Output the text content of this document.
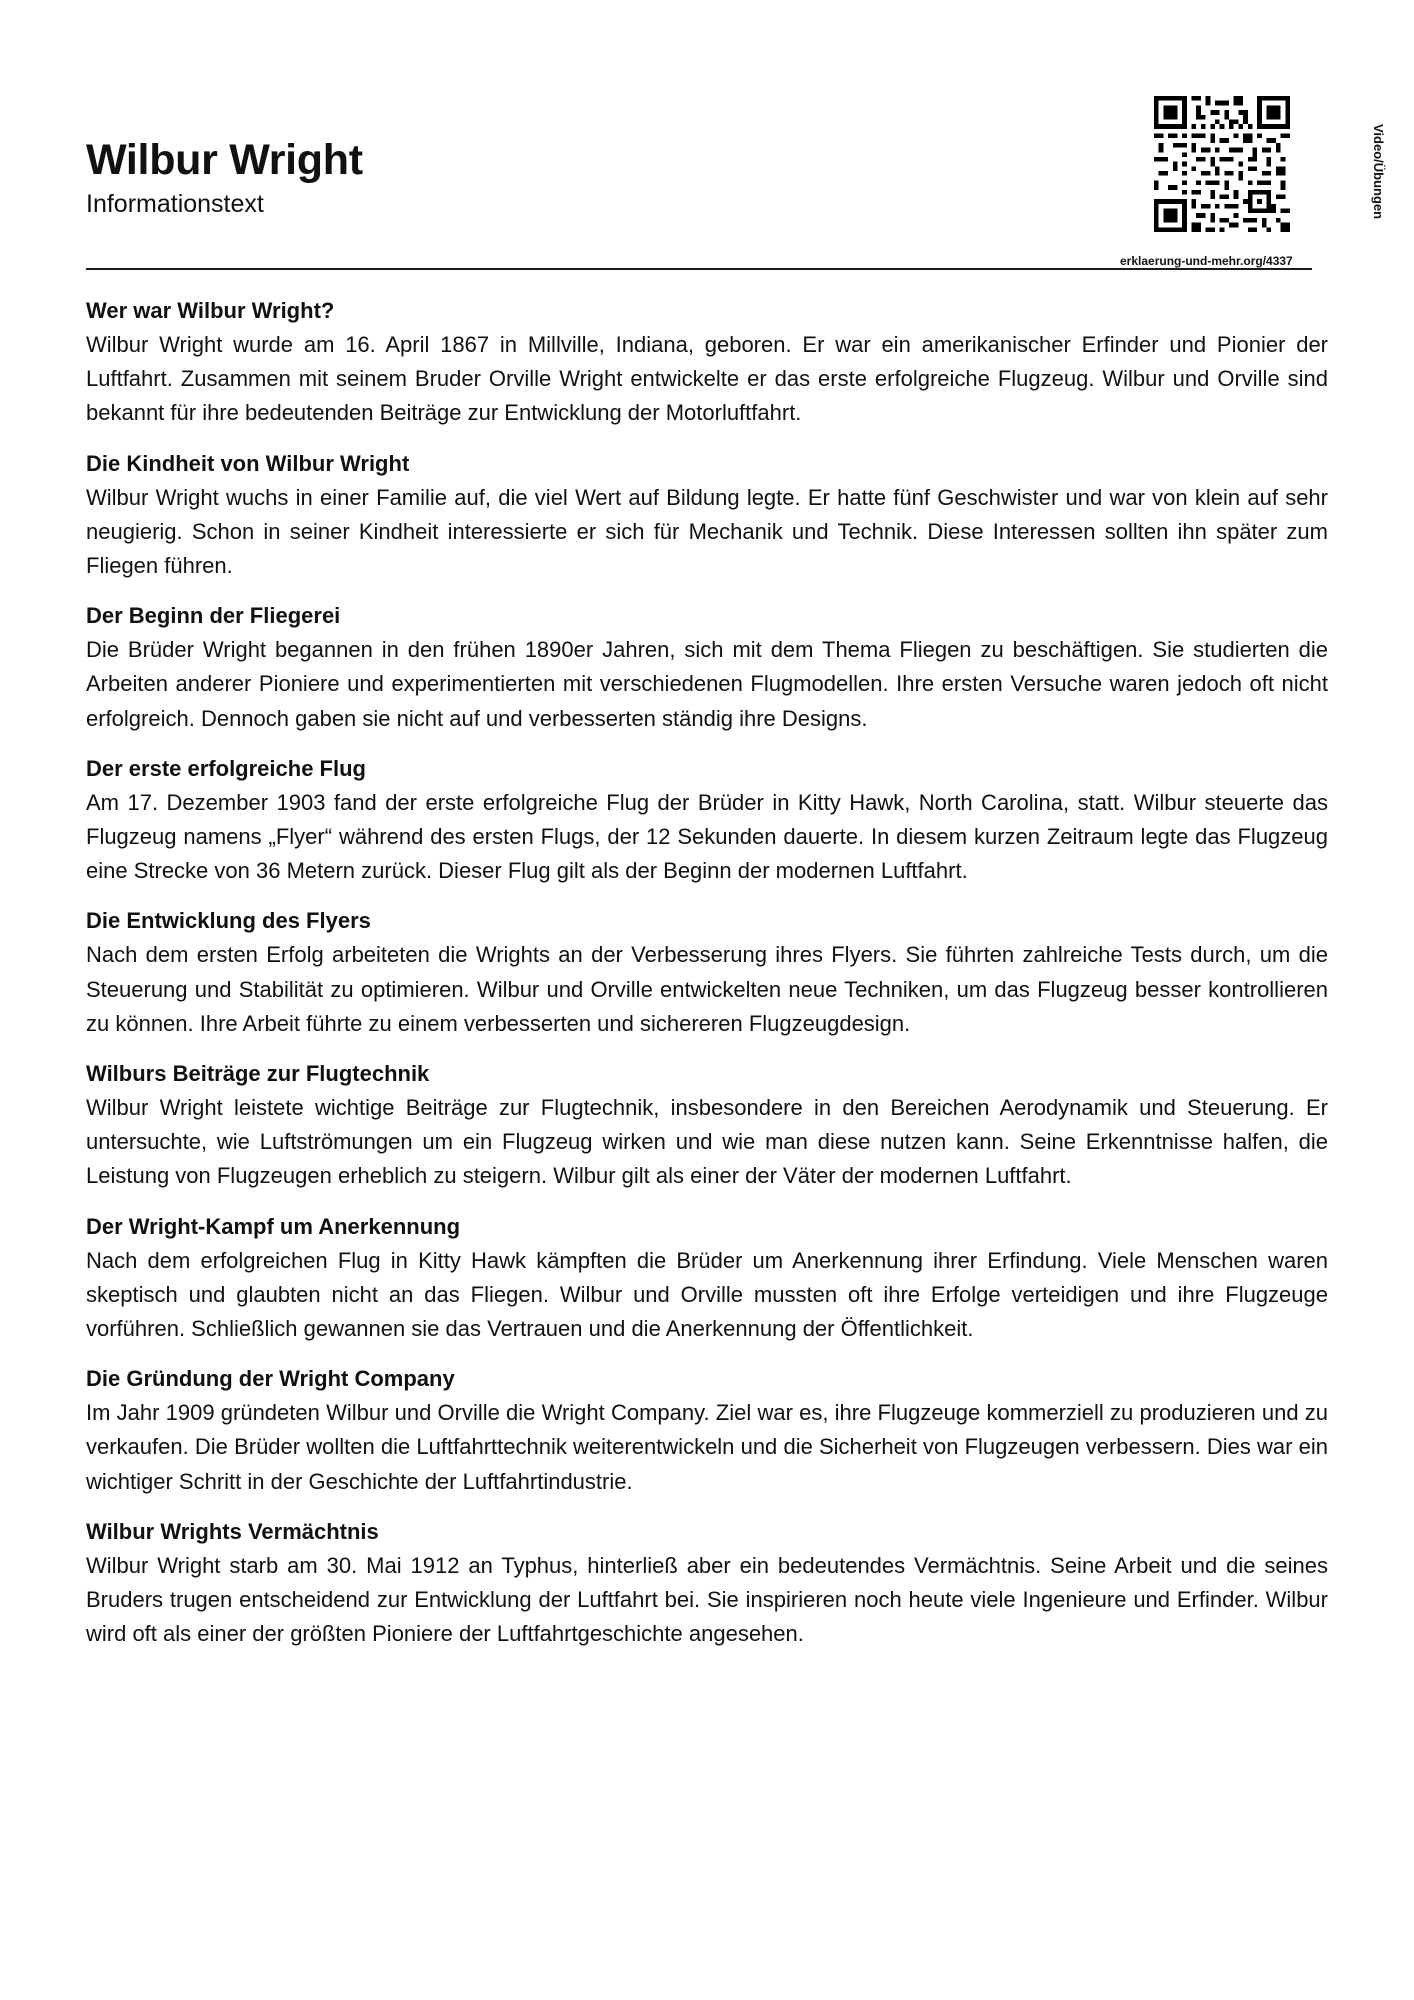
Wilbur Wright
Informationstext	Video/Übungen
erklaerung-und-mehr.org/4337
Wer war Wilbur Wright?

Wilbur Wright wurde am 16. April 1867 in Millville, Indiana, geboren. Er war ein amerikanischer Erfinder und Pionier der Luftfahrt. Zusammen mit seinem Bruder Orville Wright entwickelte er das erste erfolgreiche Flugzeug. Wilbur und Orville sind bekannt für ihre bedeutenden Beiträge zur Entwicklung der Motorluftfahrt.

Die Kindheit von Wilbur Wright

Wilbur Wright wuchs in einer Familie auf, die viel Wert auf Bildung legte. Er hatte fünf Geschwister und war von klein auf sehr neugierig. Schon in seiner Kindheit interessierte er sich für Mechanik und Technik. Diese Interessen sollten ihn später zum Fliegen führen.

Der Beginn der Fliegerei

Die Brüder Wright begannen in den frühen 1890er Jahren, sich mit dem Thema Fliegen zu beschäftigen. Sie studierten die Arbeiten anderer Pioniere und experimentierten mit verschiedenen Flugmodellen. Ihre ersten Versuche waren jedoch oft nicht erfolgreich. Dennoch gaben sie nicht auf und verbesserten ständig ihre Designs.

Der erste erfolgreiche Flug

Am 17. Dezember 1903 fand der erste erfolgreiche Flug der Brüder in Kitty Hawk, North Carolina, statt. Wilbur steuerte das Flugzeug namens „Flyer“ während des ersten Flugs, der 12 Sekunden dauerte. In diesem kurzen Zeitraum legte das Flugzeug eine Strecke von 36 Metern zurück. Dieser Flug gilt als der Beginn der modernen Luftfahrt.

Die Entwicklung des Flyers

Nach dem ersten Erfolg arbeiteten die Wrights an der Verbesserung ihres Flyers. Sie führten zahlreiche Tests durch, um die Steuerung und Stabilität zu optimieren. Wilbur und Orville entwickelten neue Techniken, um das Flugzeug besser kontrollieren zu können. Ihre Arbeit führte zu einem verbesserten und sichereren Flugzeugdesign.

Wilburs Beiträge zur Flugtechnik

Wilbur Wright leistete wichtige Beiträge zur Flugtechnik, insbesondere in den Bereichen Aerodynamik und Steuerung. Er untersuchte, wie Luftströmungen um ein Flugzeug wirken und wie man diese nutzen kann. Seine Erkenntnisse halfen, die Leistung von Flugzeugen erheblich zu steigern. Wilbur gilt als einer der Väter der modernen Luftfahrt.

Der Wright-Kampf um Anerkennung

Nach dem erfolgreichen Flug in Kitty Hawk kämpften die Brüder um Anerkennung ihrer Erfindung. Viele Menschen waren skeptisch und glaubten nicht an das Fliegen. Wilbur und Orville mussten oft ihre Erfolge verteidigen und ihre Flugzeuge vorführen. Schließlich gewannen sie das Vertrauen und die Anerkennung der Öffentlichkeit.

Die Gründung der Wright Company

Im Jahr 1909 gründeten Wilbur und Orville die Wright Company. Ziel war es, ihre Flugzeuge kommerziell zu produzieren und zu verkaufen. Die Brüder wollten die Luftfahrttechnik weiterentwickeln und die Sicherheit von Flugzeugen verbessern. Dies war ein wichtiger Schritt in der Geschichte der Luftfahrtindustrie.

Wilbur Wrights Vermächtnis

Wilbur Wright starb am 30. Mai 1912 an Typhus, hinterließ aber ein bedeutendes Vermächtnis. Seine Arbeit und die seines Bruders trugen entscheidend zur Entwicklung der Luftfahrt bei. Sie inspirieren noch heute viele Ingenieure und Erfinder. Wilbur wird oft als einer der größten Pioniere der Luftfahrtgeschichte angesehen.
